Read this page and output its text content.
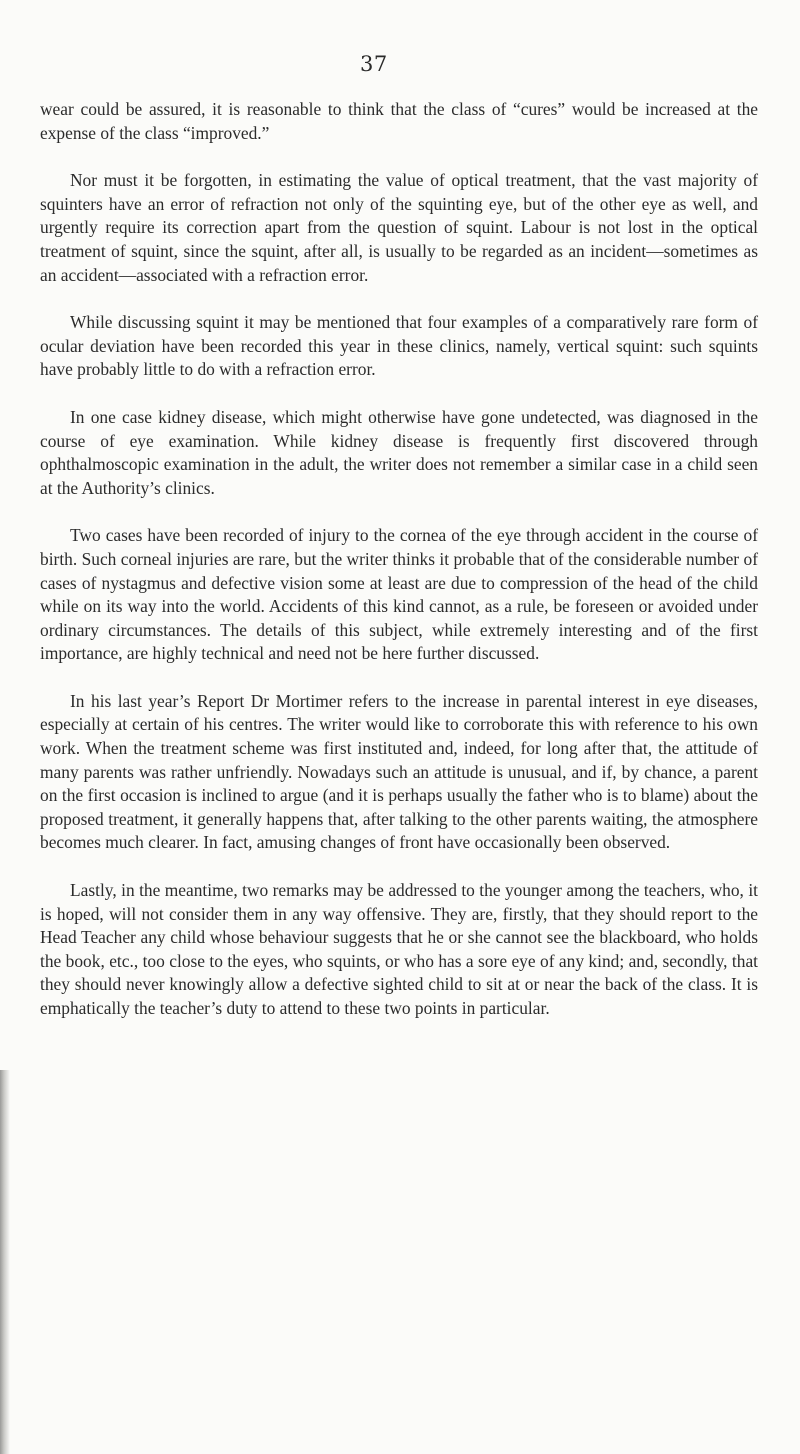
37

wear could be assured, it is reasonable to think that the class of “cures” would be increased at the expense of the class “improved.”

Nor must it be forgotten, in estimating the value of optical treatment, that the vast majority of squinters have an error of refraction not only of the squinting eye, but of the other eye as well, and urgently require its correction apart from the question of squint. Labour is not lost in the optical treatment of squint, since the squint, after all, is usually to be regarded as an incident—sometimes as an accident—associated with a refraction error.

While discussing squint it may be mentioned that four examples of a comparatively rare form of ocular deviation have been recorded this year in these clinics, namely, vertical squint: such squints have probably little to do with a refraction error.

In one case kidney disease, which might otherwise have gone undetected, was diagnosed in the course of eye examination. While kidney disease is frequently first discovered through ophthalmoscopic examination in the adult, the writer does not remember a similar case in a child seen at the Authority’s clinics.

Two cases have been recorded of injury to the cornea of the eye through accident in the course of birth. Such corneal injuries are rare, but the writer thinks it probable that of the considerable number of cases of nystagmus and defective vision some at least are due to compression of the head of the child while on its way into the world. Accidents of this kind cannot, as a rule, be foreseen or avoided under ordinary circumstances. The details of this subject, while extremely interesting and of the first importance, are highly technical and need not be here further discussed.

In his last year’s Report Dr Mortimer refers to the increase in parental interest in eye diseases, especially at certain of his centres. The writer would like to corroborate this with reference to his own work. When the treatment scheme was first instituted and, indeed, for long after that, the attitude of many parents was rather unfriendly. Nowadays such an attitude is unusual, and if, by chance, a parent on the first occasion is inclined to argue (and it is perhaps usually the father who is to blame) about the proposed treatment, it generally happens that, after talking to the other parents waiting, the atmosphere becomes much clearer. In fact, amusing changes of front have occasionally been observed.

Lastly, in the meantime, two remarks may be addressed to the younger among the teachers, who, it is hoped, will not consider them in any way offensive. They are, firstly, that they should report to the Head Teacher any child whose behaviour suggests that he or she cannot see the blackboard, who holds the book, etc., too close to the eyes, who squints, or who has a sore eye of any kind; and, secondly, that they should never knowingly allow a defective sighted child to sit at or near the back of the class. It is emphatically the teacher’s duty to attend to these two points in particular.
